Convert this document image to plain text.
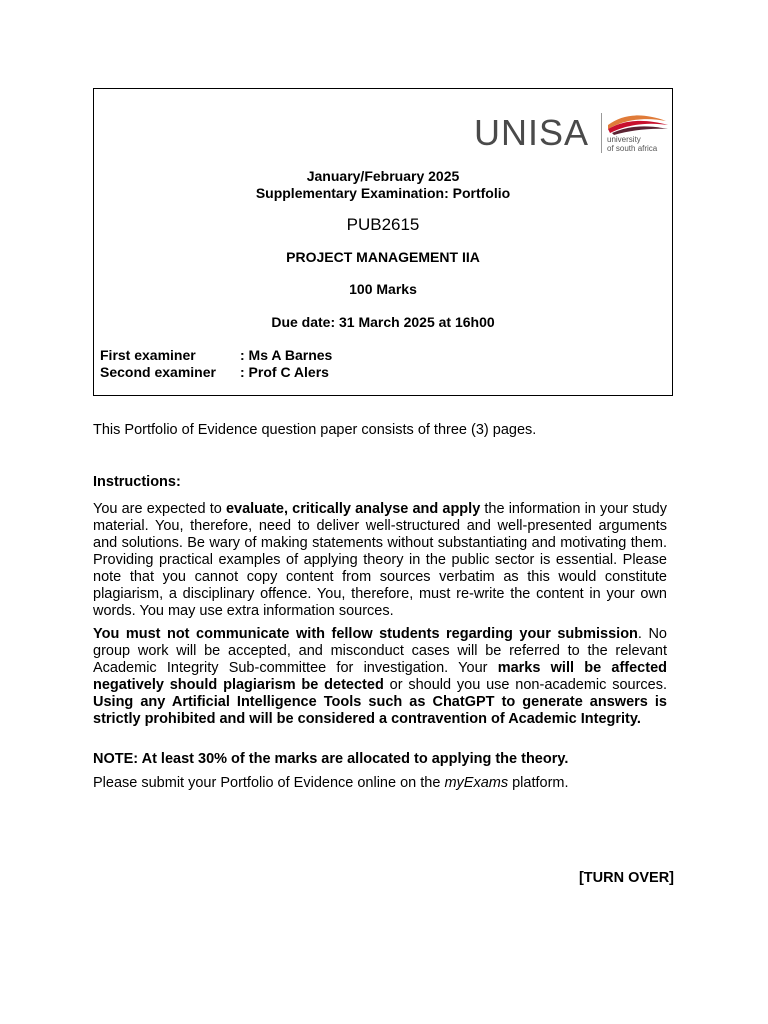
UNISA university
of south africa
January/February 2025
Supplementary Examination: Portfolio
PUB2615
PROJECT MANAGEMENT IIA
100 Marks
Due date: 31 March 2025 at 16h00
First examiner	: Ms A Barnes
Second examiner	: Prof C Alers
This Portfolio of Evidence question paper consists of three (3) pages.
Instructions:
You are expected to evaluate, critically analyse and apply the information in your study material. You, therefore, need to deliver well-structured and well-presented arguments and solutions. Be wary of making statements without substantiating and motivating them. Providing practical examples of applying theory in the public sector is essential. Please note that you cannot copy content from sources verbatim as this would constitute plagiarism, a disciplinary offence. You, therefore, must re-write the content in your own words. You may use extra information sources.
You must not communicate with fellow students regarding your submission. No group work will be accepted, and misconduct cases will be referred to the relevant Academic Integrity Sub-committee for investigation. Your marks will be affected negatively should plagiarism be detected or should you use non-academic sources. Using any Artificial Intelligence Tools such as ChatGPT to generate answers is strictly prohibited and will be considered a contravention of Academic Integrity.
NOTE: At least 30% of the marks are allocated to applying the theory.
Please submit your Portfolio of Evidence online on the myExams platform.
[TURN OVER]
